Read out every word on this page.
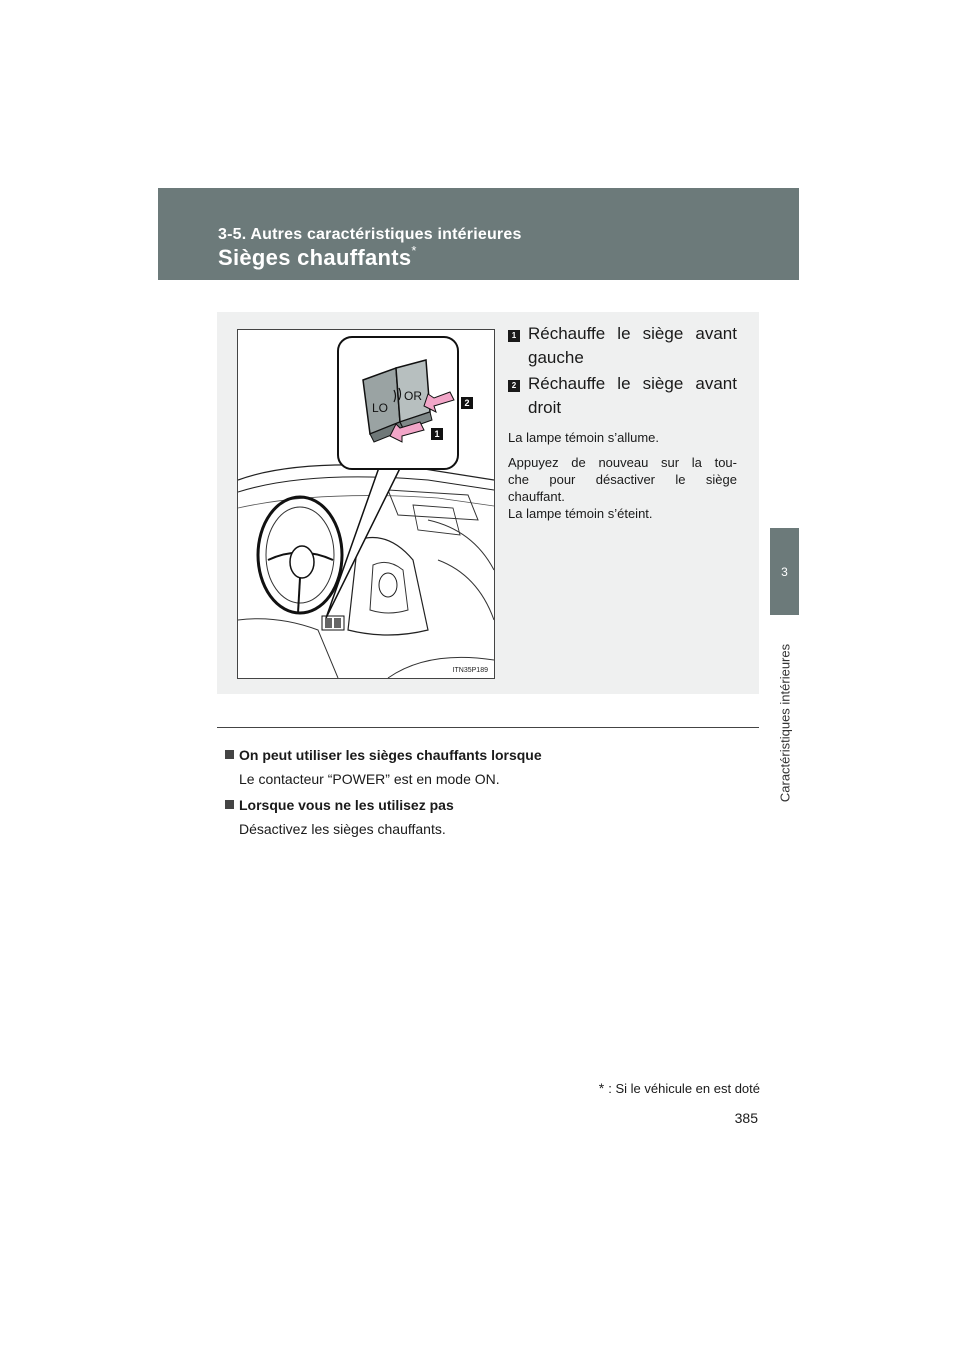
3-5. Autres caractéristiques intérieures
Sièges chauffants*
3
Caractéristiques intérieures
LO
OR	2
1
ITN35P189
1 Réchauffe le siège avant gauche
2 Réchauffe le siège avant droit
La lampe témoin s’allume.
Appuyez de nouveau sur la tou-
che pour désactiver le siège
chauffant.
La lampe témoin s’éteint.
On peut utiliser les sièges chauffants lorsque
Le contacteur “POWER” est en mode ON.
Lorsque vous ne les utilisez pas
Désactivez les sièges chauffants.
* : Si le véhicule en est doté
385
